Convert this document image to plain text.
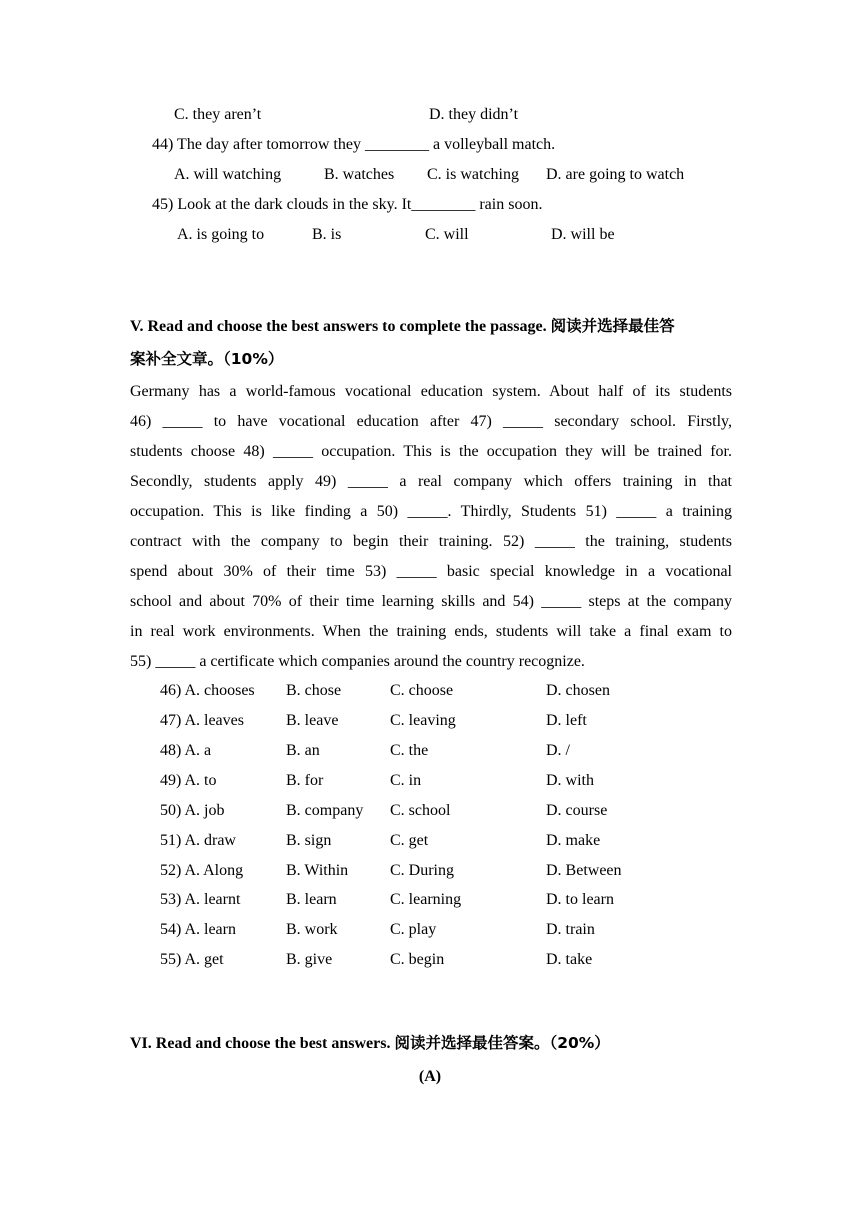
C. they aren’t	D. they didn’t
44) The day after tomorrow they ________ a volleyball match.
A. will watching	B. watches C. is watching D. are going to watch
45) Look at the dark clouds in the sky. It________ rain soon.
A. is going to	B. is	C. will	D. will be
V. Read and choose the best answers to complete the passage. 阅读并选择最佳答
案补全文章。（10%）
Germany has a world-famous vocational education system. About half of its students
46) _____ to have vocational education after 47) _____ secondary school. Firstly,
students choose 48) _____ occupation. This is the occupation they will be trained for.
Secondly, students apply 49) _____ a real company which offers training in that
occupation. This is like finding a 50) _____. Thirdly, Students 51) _____ a training
contract with the company to begin their training. 52) _____ the training, students
spend about 30% of their time 53) _____ basic special knowledge in a vocational
school and about 70% of their time learning skills and 54) _____ steps at the company
in real work environments. When the training ends, students will take a final exam to
55) _____ a certificate which companies around the country recognize.
46) A. chooses B. chose	C. choose	D. chosen
47) A. leaves	B. leave	C. leaving	D. left
48) A. a	B. an	C. the	D. /
49) A. to	B. for	C. in	D. with
50) A. job	B. company C. school	D. course
51) A. draw	B. sign	C. get	D. make
52) A. Along	B. Within	C. During	D. Between
53) A. learnt	B. learn	C. learning	D. to learn
54) A. learn	B. work	C. play	D. train
55) A. get	B. give	C. begin	D. take
VI. Read and choose the best answers. 阅读并选择最佳答案。（20%）
(A)
